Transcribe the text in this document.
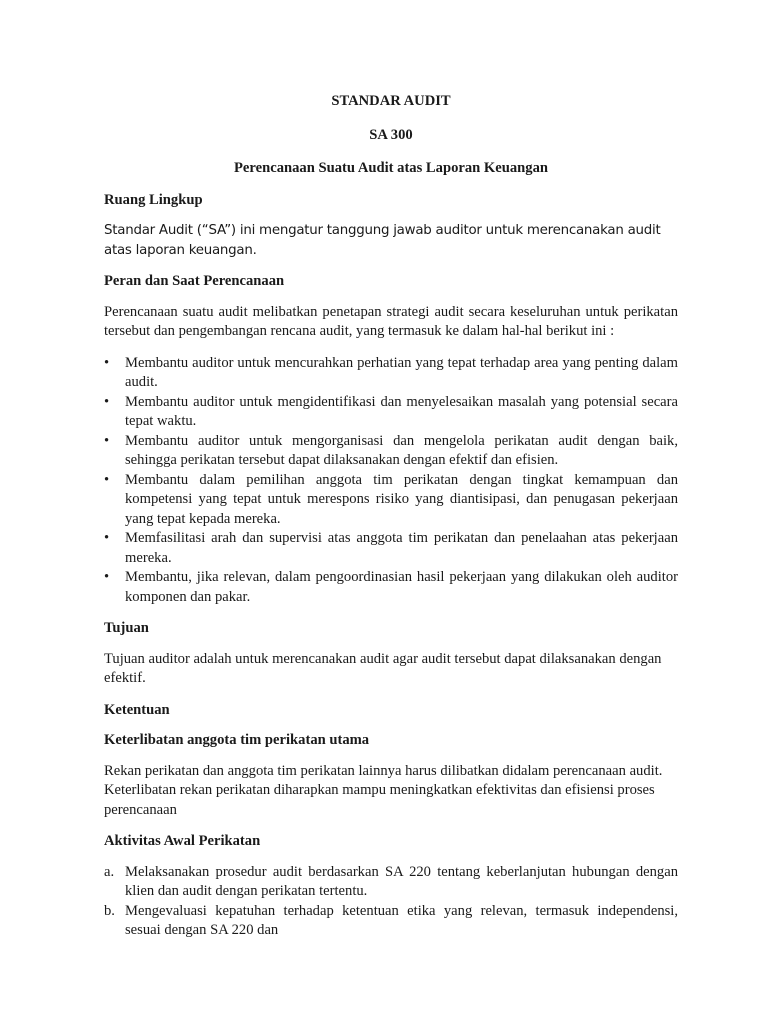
STANDAR AUDIT
SA 300
Perencanaan Suatu Audit atas Laporan Keuangan
Ruang Lingkup

Standar Audit (“SA”) ini mengatur tanggung jawab auditor untuk merencanakan audit atas laporan keuangan.

Peran dan Saat Perencanaan

Perencanaan suatu audit melibatkan penetapan strategi audit secara keseluruhan untuk perikatan tersebut dan pengembangan rencana audit, yang termasuk ke dalam hal-hal berikut ini :

•	Membantu auditor untuk mencurahkan perhatian yang tepat terhadap area yang penting dalam audit.
•	Membantu auditor untuk mengidentifikasi dan menyelesaikan masalah yang potensial secara tepat waktu.
•	Membantu auditor untuk mengorganisasi dan mengelola perikatan audit dengan baik, sehingga perikatan tersebut dapat dilaksanakan dengan efektif dan efisien.
•	Membantu dalam pemilihan anggota tim perikatan dengan tingkat kemampuan dan kompetensi yang tepat untuk merespons risiko yang diantisipasi, dan penugasan pekerjaan yang tepat kepada mereka.
•	Memfasilitasi arah dan supervisi atas anggota tim perikatan dan penelaahan atas pekerjaan mereka.
•	Membantu, jika relevan, dalam pengoordinasian hasil pekerjaan yang dilakukan oleh auditor komponen dan pakar.
Tujuan

Tujuan auditor adalah untuk merencanakan audit agar audit tersebut dapat dilaksanakan dengan efektif.

Ketentuan
Keterlibatan anggota tim perikatan utama

Rekan perikatan dan anggota tim perikatan lainnya harus dilibatkan didalam perencanaan audit. Keterlibatan rekan perikatan diharapkan mampu meningkatkan efektivitas dan efisiensi proses perencanaan

Aktivitas Awal Perikatan
a. Melaksanakan prosedur audit berdasarkan SA 220 tentang keberlanjutan hubungan dengan klien dan audit dengan perikatan tertentu.
b. Mengevaluasi kepatuhan terhadap ketentuan etika yang relevan, termasuk independensi, sesuai dengan SA 220 dan
